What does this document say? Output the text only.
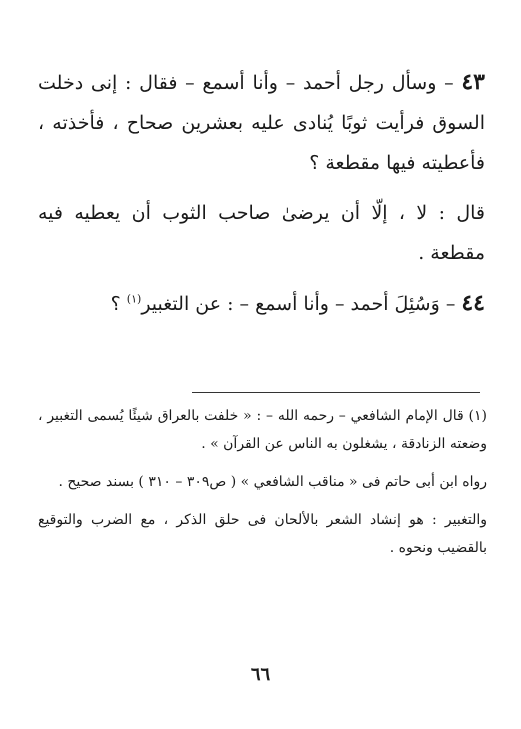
٤٣ – وسأل رجل أحمد – وأنا أسمع – فقال : إنى دخلت السوق فرأيت ثوبًا يُنادى عليه بعشرين صحاح ، فأخذته ، فأعطيته فيها مقطعة ؟

قال : لا ، إلّا أن يرضىٰ صاحب الثوب أن يعطيه فيه مقطعة .

٤٤ – وَسُئِلَ أحمد – وأنا أسمع – : عن التغبير$^{(١)}$ ؟

(١) قال الإمام الشافعي – رحمه الله – : « خلفت بالعراق شيئًا يُسمى التغبير ، وضعته الزنادقة ، يشغلون به الناس عن القرآن » .

رواه ابن أبى حاتم فى « مناقب الشافعي » ( ص٣٠٩ – ٣١٠ ) بسند صحيح .

والتغبير : هو إنشاد الشعر بالألحان فى حلق الذكر ، مع الضرب والتوقيع بالقضيب ونحوه .

٦٦
